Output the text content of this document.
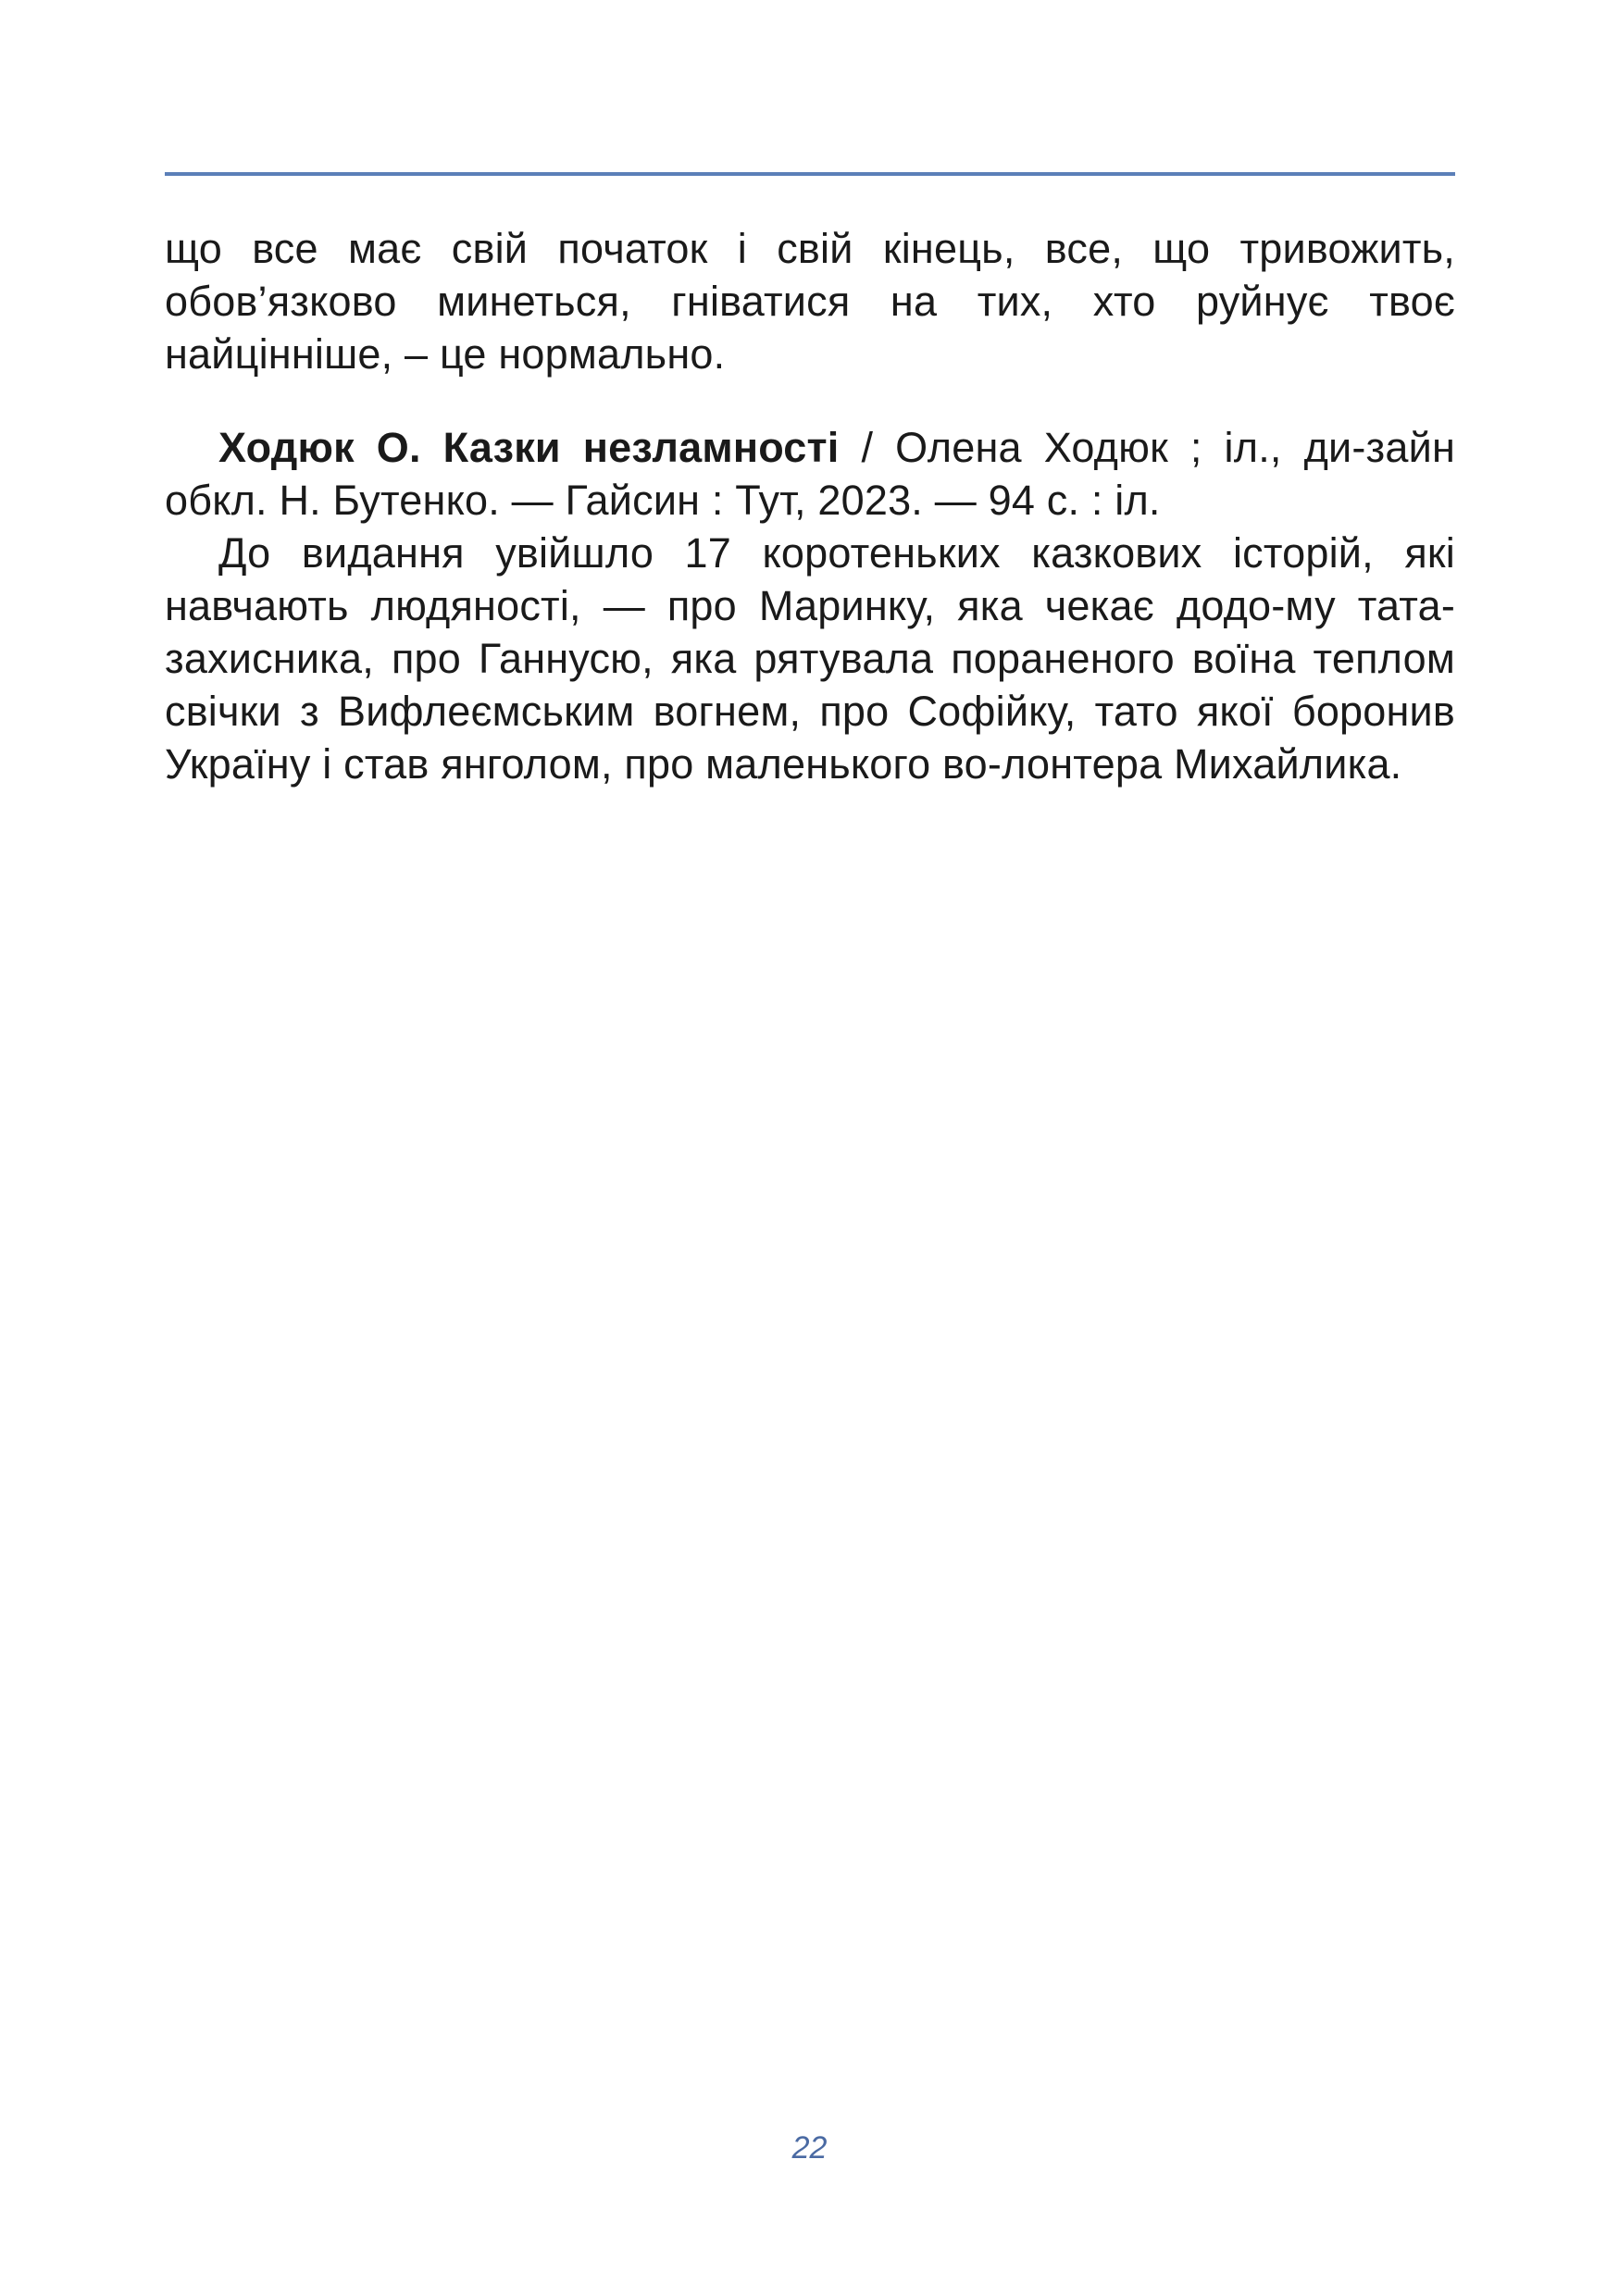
що все має свій початок і свій кінець, все, що тривожить, обов’язково минеться, гніватися на тих, хто руйнує твоє найцінніше, – це нормально.

Ходюк О. Казки незламності / Олена Ходюк ; іл., ди-зайн обкл. Н. Бутенко. — Гайсин : Тут, 2023. — 94 с. : іл.

До видання увійшло 17 коротеньких казкових історій, які навчають людяності, — про Маринку, яка чекає додо-му тата-захисника, про Ганнусю, яка рятувала пораненого воїна теплом свічки з Вифлеємським вогнем, про Софійку, тато якої боронив Україну і став янголом, про маленького во-лонтера Михайлика.

22
